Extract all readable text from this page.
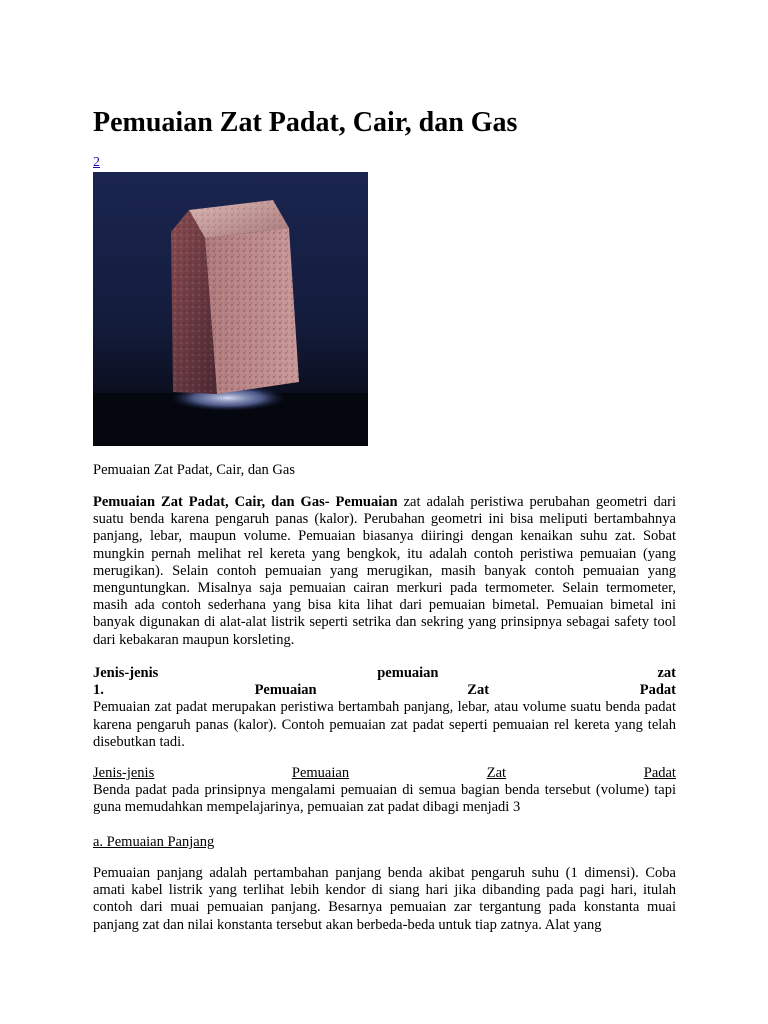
Pemuaian Zat Padat, Cair, dan Gas
2
Pemuaian Zat Padat, Cair, dan Gas

Pemuaian Zat Padat, Cair, dan Gas- Pemuaian zat adalah peristiwa perubahan geometri dari suatu benda karena pengaruh panas (kalor). Perubahan geometri ini bisa meliputi bertambahnya panjang, lebar, maupun volume. Pemuaian biasanya diiringi dengan kenaikan suhu zat. Sobat mungkin pernah melihat rel kereta yang bengkok, itu adalah contoh peristiwa pemuaian (yang merugikan). Selain contoh pemuaian yang merugikan, masih banyak contoh pemuaian yang menguntungkan. Misalnya saja pemuaian cairan merkuri pada termometer. Selain termometer, masih ada contoh sederhana yang bisa kita lihat dari pemuaian bimetal. Pemuaian bimetal ini banyak digunakan di alat-alat listrik seperti setrika dan sekring yang prinsipnya sebagai safety tool dari kebakaran maupun korsleting.

Jenis-jenis	pemuaian	zat
1.	Pemuaian	Zat	Padat

Pemuaian zat padat merupakan peristiwa bertambah panjang, lebar, atau volume suatu benda padat karena pengaruh panas (kalor). Contoh pemuaian zat padat seperti pemuaian rel kereta yang telah disebutkan tadi.

Jenis-jenis	Pemuaian	Zat	Padat

Benda padat pada prinsipnya mengalami pemuaian di semua bagian benda tersebut (volume) tapi guna memudahkan mempelajarinya, pemuaian zat padat dibagi menjadi 3

a. Pemuaian Panjang

Pemuaian panjang adalah pertambahan panjang benda akibat pengaruh suhu (1 dimensi). Coba amati kabel listrik yang terlihat lebih kendor di siang hari jika dibanding pada pagi hari, itulah contoh dari muai pemuaian panjang. Besarnya pemuaian zar tergantung pada konstanta muai panjang zat dan nilai konstanta tersebut akan berbeda-beda untuk tiap zatnya. Alat yang
